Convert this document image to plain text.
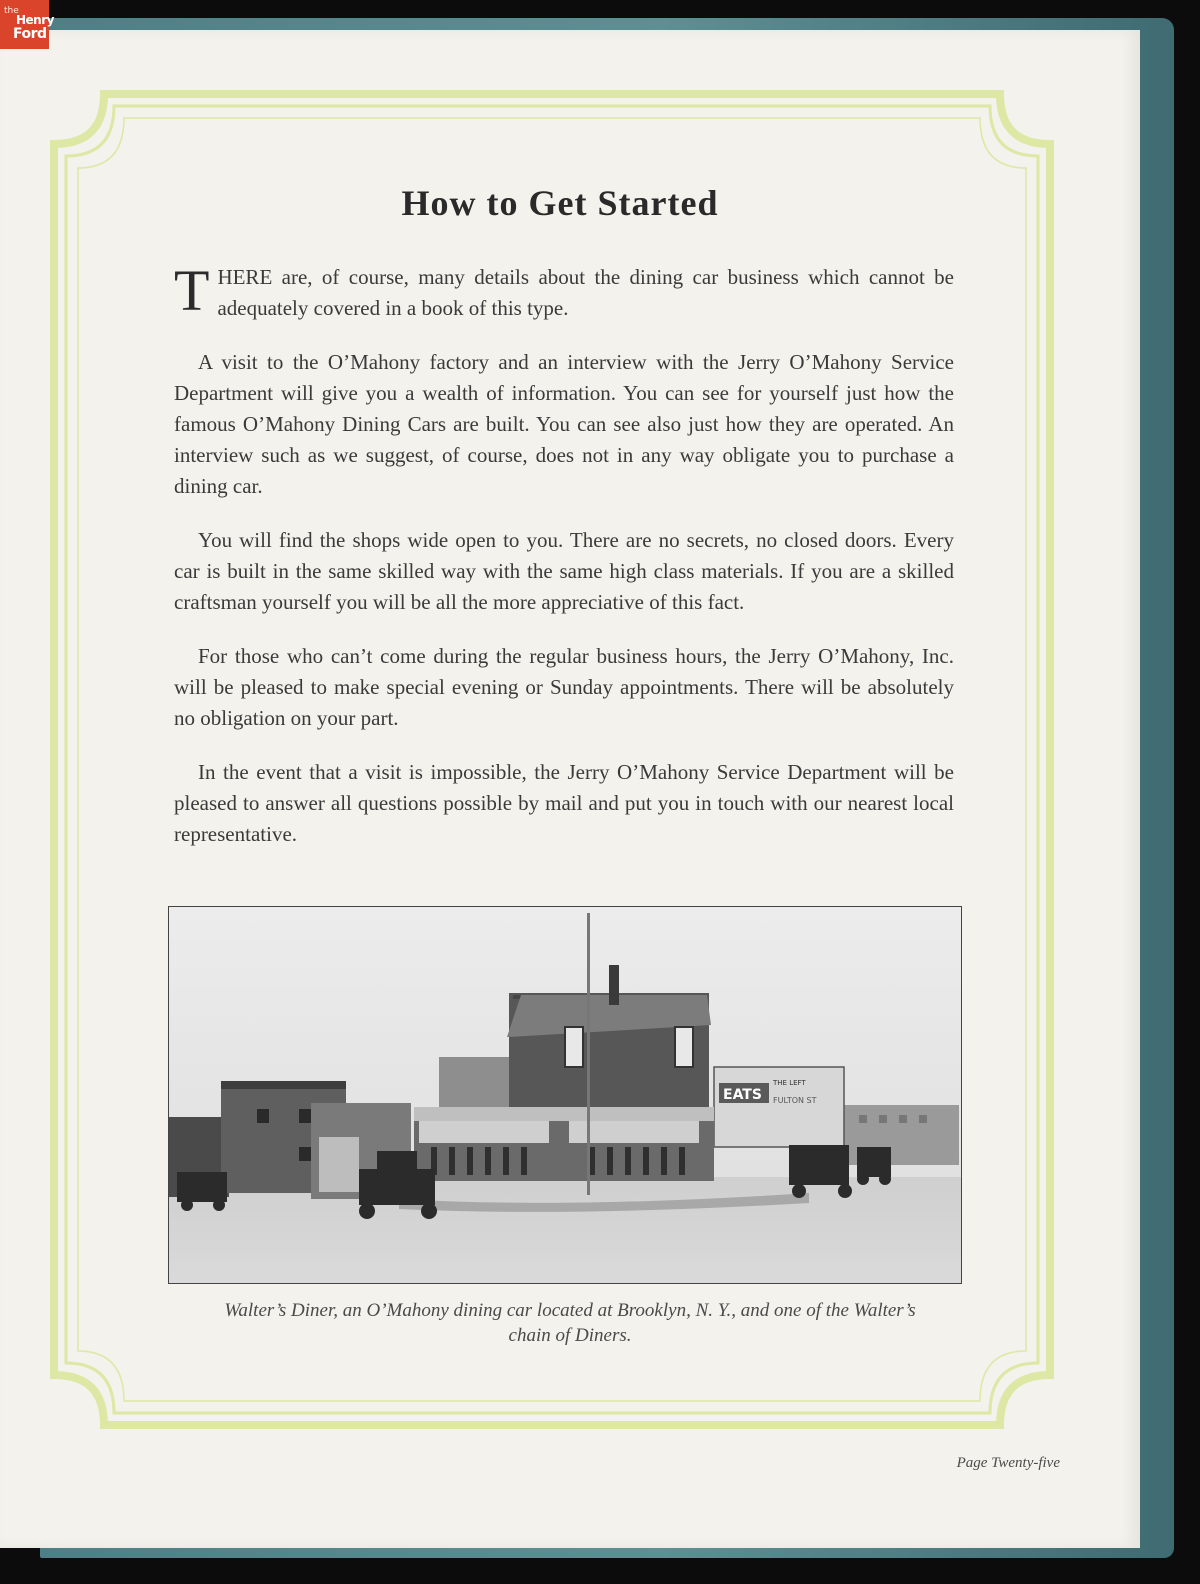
the
Henry
Ford
How to Get Started

THERE are, of course, many details about the dining car business which cannot be adequately covered in a book of this type.

A visit to the O’Mahony factory and an interview with the Jerry O’Mahony Service Department will give you a wealth of information. You can see for yourself just how the famous O’Mahony Dining Cars are built. You can see also just how they are operated. An interview such as we suggest, of course, does not in any way obligate you to purchase a dining car.

You will find the shops wide open to you. There are no secrets, no closed doors. Every car is built in the same skilled way with the same high class materials. If you are a skilled craftsman yourself you will be all the more appreciative of this fact.

For those who can’t come during the regular business hours, the Jerry O’Mahony, Inc. will be pleased to make special evening or Sunday appointments. There will be absolutely no obligation on your part.

In the event that a visit is impossible, the Jerry O’Mahony Service Department will be pleased to answer all questions possible by mail and put you in touch with our nearest local representative.

EATS
THE LEFT
FULTON ST
Walter’s Diner, an O’Mahony dining car located at Brooklyn, N. Y., and one of the Walter’s chain of Diners.
Page Twenty-five
